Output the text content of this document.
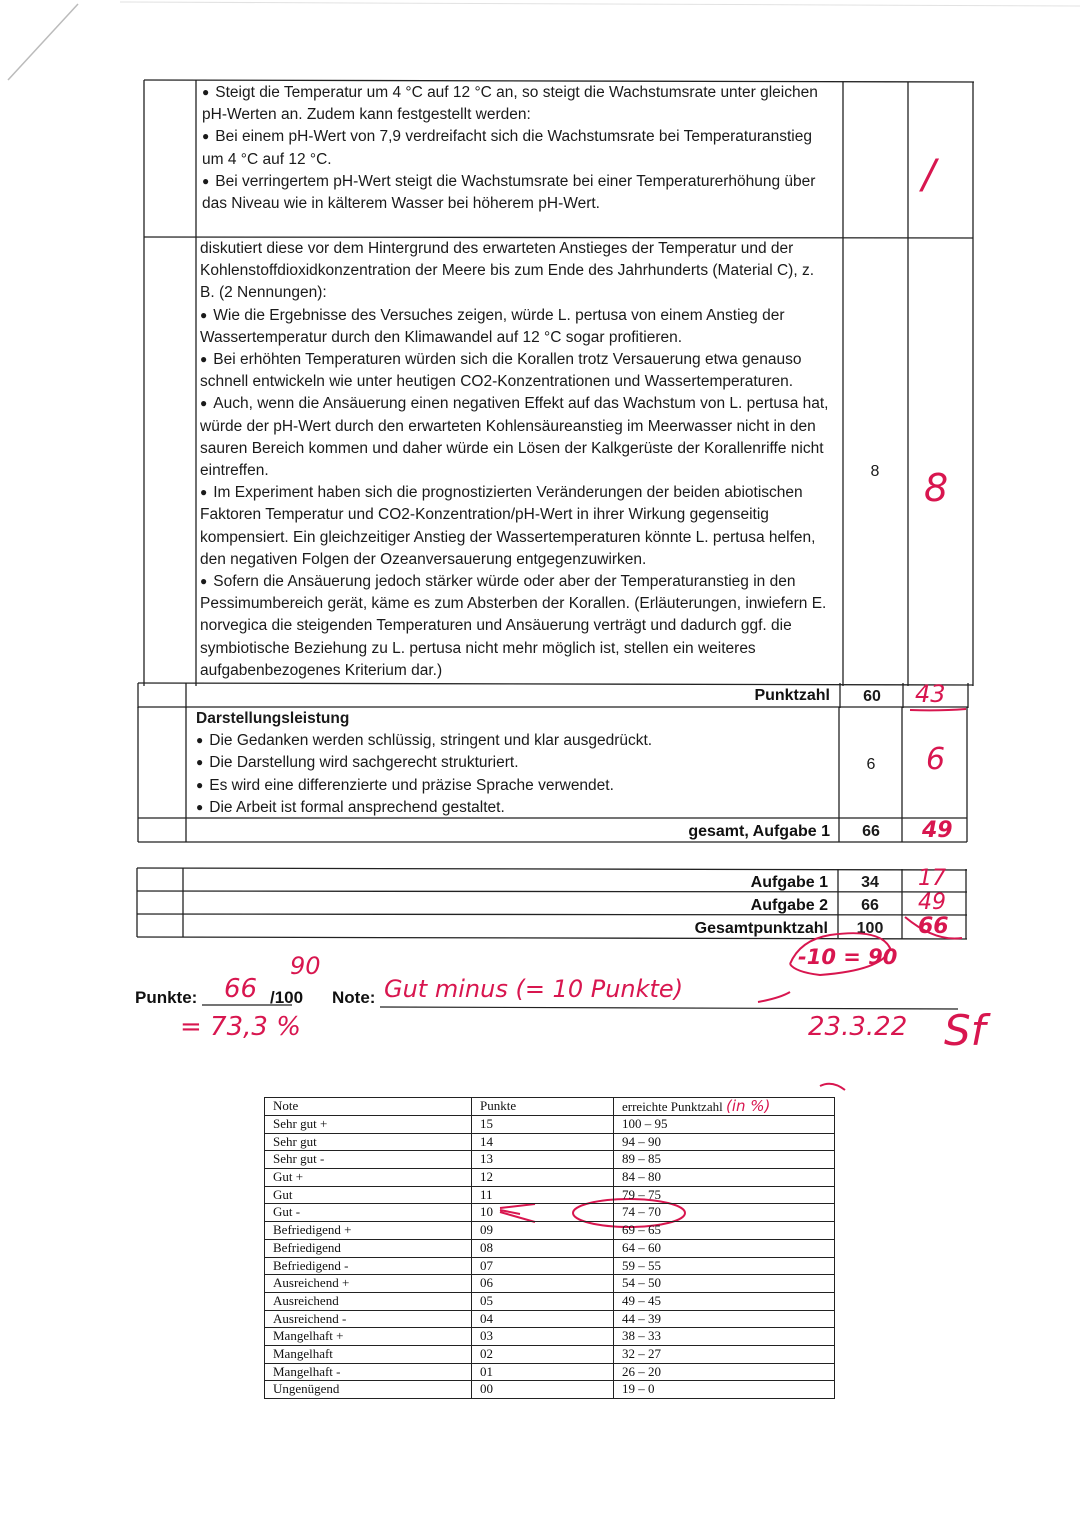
● Steigt die Temperatur um 4 °C auf 12 °C an, so steigt die Wachstumsrate unter gleichen pH-Werten an. Zudem kann festgestellt werden:
● Bei einem pH-Wert von 7,9 verdreifacht sich die Wachstumsrate bei Temperaturanstieg um 4 °C auf 12 °C.
● Bei verringertem pH-Wert steigt die Wachstumsrate bei einer Temperaturerhöhung über das Niveau wie in kälterem Wasser bei höherem pH-Wert.
/
diskutiert diese vor dem Hintergrund des erwarteten Anstieges der Temperatur und der Kohlenstoffdioxidkonzentration der Meere bis zum Ende des Jahrhunderts (Material C), z. B. (2 Nennungen):
● Wie die Ergebnisse des Versuches zeigen, würde L. pertusa von einem Anstieg der Wassertemperatur durch den Klimawandel auf 12 °C sogar profitieren.
● Bei erhöhten Temperaturen würden sich die Korallen trotz Versauerung etwa genauso schnell entwickeln wie unter heutigen CO2-Konzentrationen und Wassertemperaturen.
● Auch, wenn die Ansäuerung einen negativen Effekt auf das Wachstum von L. pertusa hat, würde der pH-Wert durch den erwarteten Kohlensäureanstieg im Meerwasser nicht in den sauren Bereich kommen und daher würde ein Lösen der Kalkgerüste der Korallenriffe nicht eintreffen.
● Im Experiment haben sich die prognostizierten Veränderungen der beiden abiotischen Faktoren Temperatur und CO2-Konzentration/pH-Wert in ihrer Wirkung gegenseitig kompensiert. Ein gleichzeitiger Anstieg der Wassertemperaturen könnte L. pertusa helfen, den negativen Folgen der Ozeanversauerung entgegenzuwirken.
● Sofern die Ansäuerung jedoch stärker würde oder aber der Temperaturanstieg in den Pessimumbereich gerät, käme es zum Absterben der Korallen. (Erläuterungen, inwiefern E. norvegica die steigenden Temperaturen und Ansäuerung verträgt und dadurch ggf. die symbiotische Beziehung zu L. pertusa nicht mehr möglich ist, stellen ein weiteres aufgabenbezogenes Kriterium dar.)
8	8
Punktzahl	60	43
Darstellungsleistung
● Die Gedanken werden schlüssig, stringent und klar ausgedrückt.
● Die Darstellung wird sachgerecht strukturiert.
● Es wird eine differenzierte und präzise Sprache verwendet.
● Die Arbeit ist formal ansprechend gestaltet.
6	6
gesamt, Aufgabe 1	66	49
Aufgabe 1	34	17
Aufgabe 2	66	49
Gesamtpunktzahl	100	66
-10 = 90
Punkte: 66 /100
90
= 73,3 %
Note: Gut minus (= 10 Punkte)
23.3.22 Sf
Note	Punkte	erreichte Punktzahl (in %)
Sehr gut +	15	100 – 95
Sehr gut	14	94 – 90
Sehr gut -	13	89 – 85
Gut +	12	84 – 80
Gut	11	79 – 75
Gut -	10	74 – 70
Befriedigend +	09	69 – 65
Befriedigend	08	64 – 60
Befriedigend -	07	59 – 55
Ausreichend +	06	54 – 50
Ausreichend	05	49 – 45
Ausreichend -	04	44 – 39
Mangelhaft +	03	38 – 33
Mangelhaft	02	32 – 27
Mangelhaft -	01	26 – 20
Ungenügend	00	19 – 0
